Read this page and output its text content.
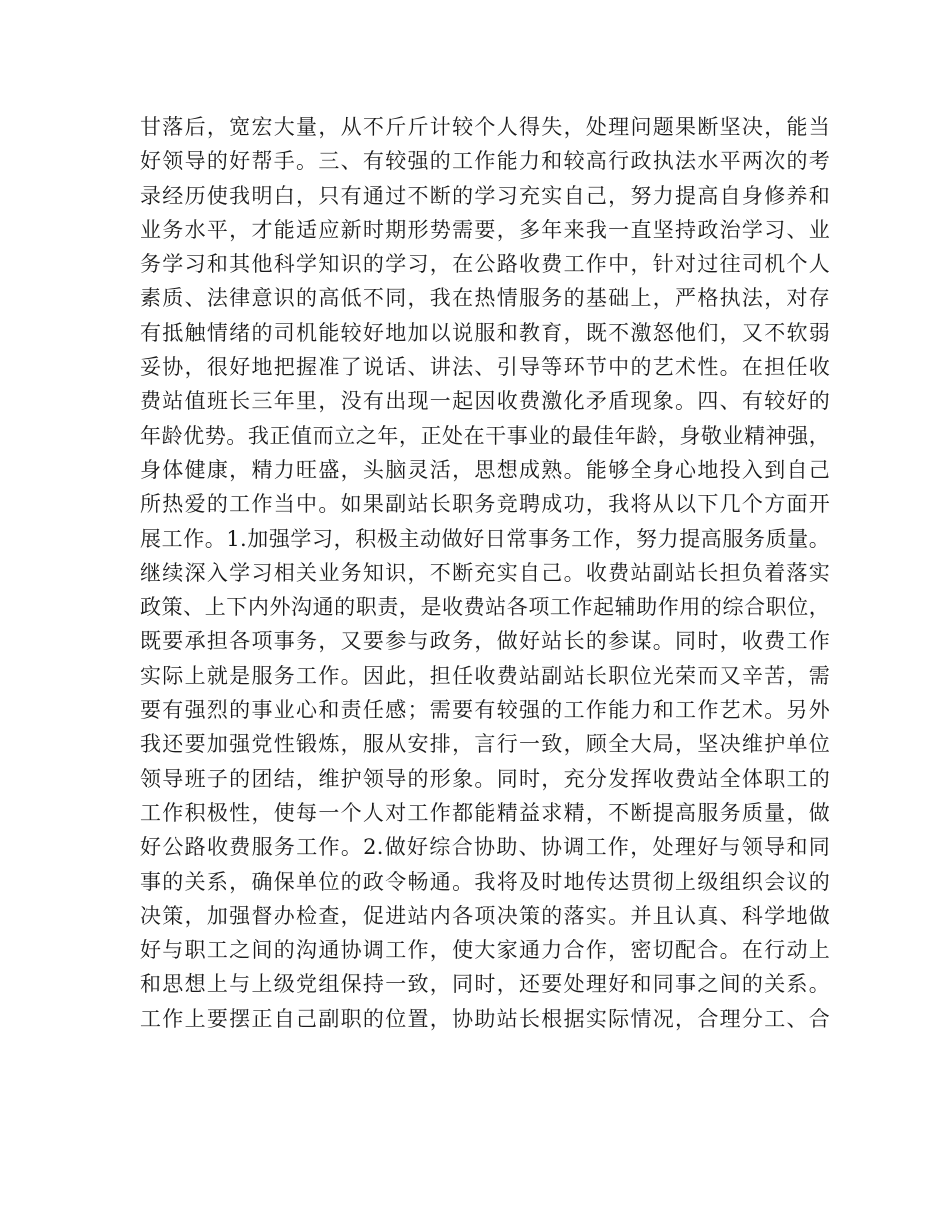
甘落后，宽宏大量，从不斤斤计较个人得失，处理问题果断坚决，能当
好领导的好帮手。三、有较强的工作能力和较高行政执法水平两次的考
录经历使我明白，只有通过不断的学习充实自己，努力提高自身修养和
业务水平，才能适应新时期形势需要，多年来我一直坚持政治学习、业
务学习和其他科学知识的学习，在公路收费工作中，针对过往司机个人
素质、法律意识的高低不同，我在热情服务的基础上，严格执法，对存
有抵触情绪的司机能较好地加以说服和教育，既不激怒他们，又不软弱
妥协，很好地把握准了说话、讲法、引导等环节中的艺术性。在担任收
费站值班长三年里，没有出现一起因收费激化矛盾现象。四、有较好的
年龄优势。我正值而立之年，正处在干事业的最佳年龄，身敬业精神强，
身体健康，精力旺盛，头脑灵活，思想成熟。能够全身心地投入到自己
所热爱的工作当中。如果副站长职务竞聘成功，我将从以下几个方面开
展工作。1.加强学习，积极主动做好日常事务工作，努力提高服务质量。
继续深入学习相关业务知识，不断充实自己。收费站副站长担负着落实
政策、上下内外沟通的职责，是收费站各项工作起辅助作用的综合职位，
既要承担各项事务，又要参与政务，做好站长的参谋。同时，收费工作
实际上就是服务工作。因此，担任收费站副站长职位光荣而又辛苦，需
要有强烈的事业心和责任感；需要有较强的工作能力和工作艺术。另外
我还要加强党性锻炼，服从安排，言行一致，顾全大局，坚决维护单位
领导班子的团结，维护领导的形象。同时，充分发挥收费站全体职工的
工作积极性，使每一个人对工作都能精益求精，不断提高服务质量，做
好公路收费服务工作。2.做好综合协助、协调工作，处理好与领导和同
事的关系，确保单位的政令畅通。我将及时地传达贯彻上级组织会议的
决策，加强督办检查，促进站内各项决策的落实。并且认真、科学地做
好与职工之间的沟通协调工作，使大家通力合作，密切配合。在行动上
和思想上与上级党组保持一致，同时，还要处理好和同事之间的关系。
工作上要摆正自己副职的位置，协助站长根据实际情况，合理分工、合
